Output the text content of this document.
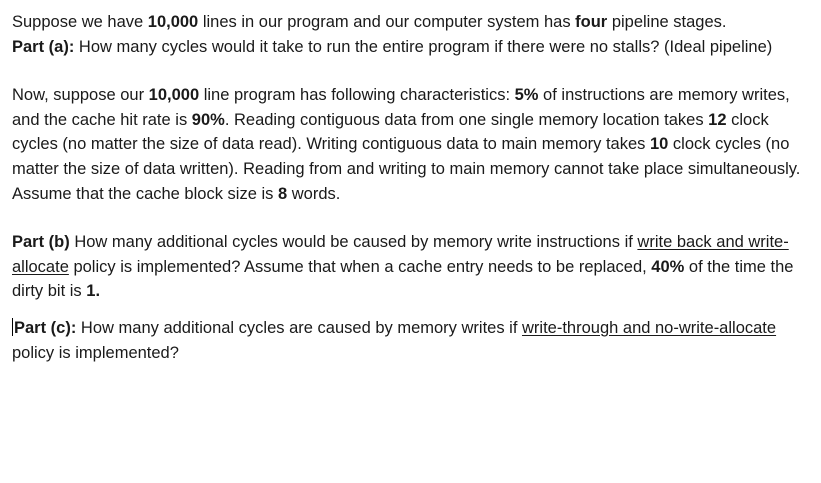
Suppose we have 10,000 lines in our program and our computer system has four pipeline stages.

Part (a): How many cycles would it take to run the entire program if there were no stalls? (Ideal pipeline)

Now, suppose our 10,000 line program has following characteristics: 5% of instructions are memory writes, and the cache hit rate is 90%. Reading contiguous data from one single memory location takes 12 clock cycles (no matter the size of data read). Writing contiguous data to main memory takes 10 clock cycles (no matter the size of data written). Reading from and writing to main memory cannot take place simultaneously. Assume that the cache block size is 8 words.

Part (b) How many additional cycles would be caused by memory write instructions if write back and write-allocate policy is implemented? Assume that when a cache entry needs to be replaced, 40% of the time the dirty bit is 1.

Part (c): How many additional cycles are caused by memory writes if write-through and no-write-allocate policy is implemented?
